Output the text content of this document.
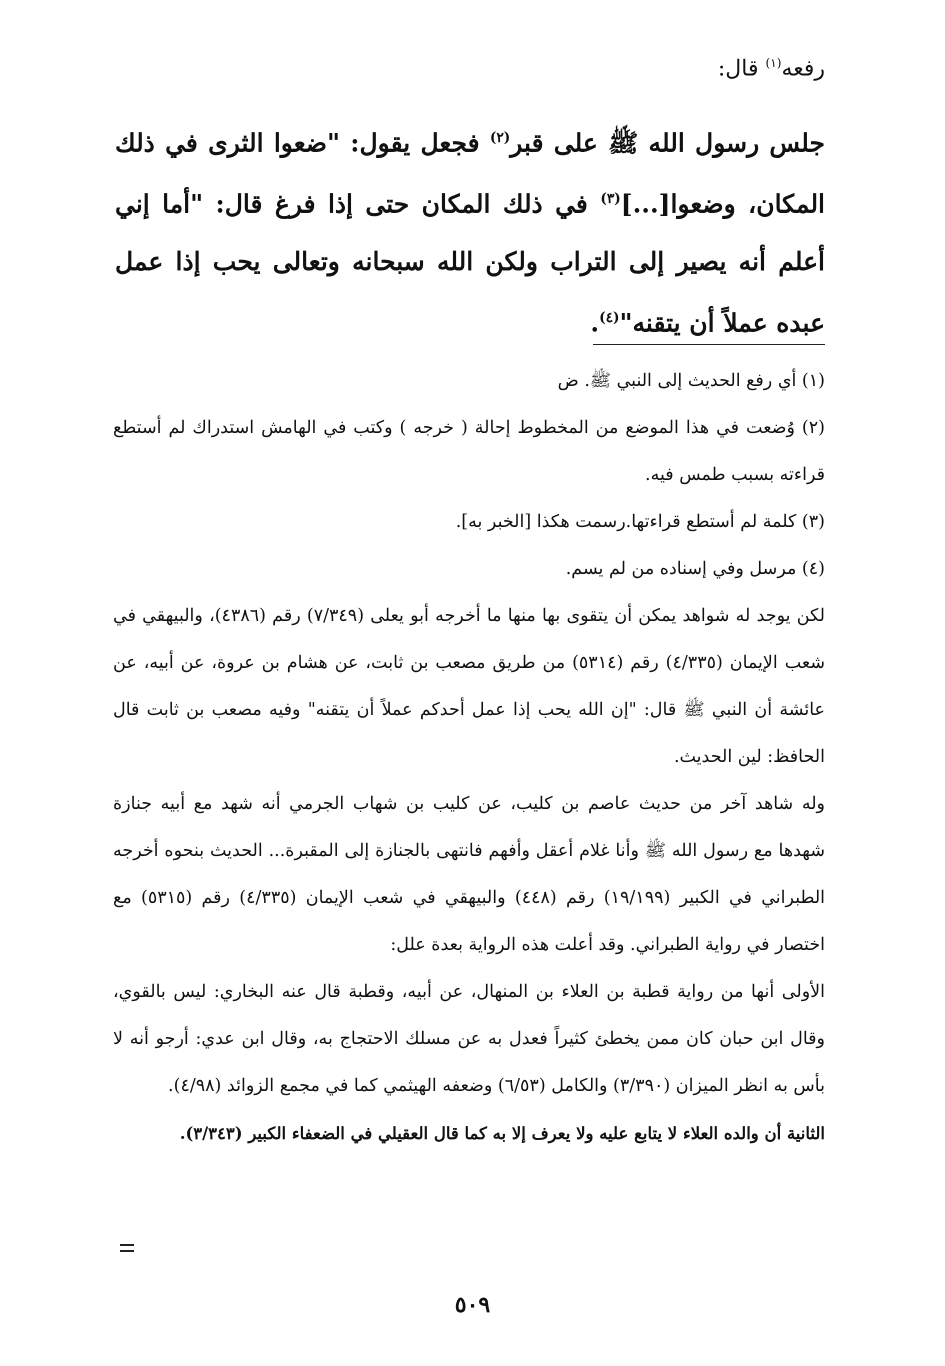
رفعه$^{(١)}$ قال:
جلس رسول الله ﷺ على قبر$^{(٢)}$ فجعل يقول: "ضعوا الثرى في ذلك المكان، وضعوا[...]$^{(٣)}$ في ذلك المكان حتى إذا فرغ قال: "أما إني أعلم أنه يصير إلى التراب ولكن الله سبحانه وتعالى يحب إذا عمل عبده عملاً أن يتقنه"$^{(٤)}$.

(١) أي رفع الحديث إلى النبي ﷺ. ض

(٢) وُضعت في هذا الموضع من المخطوط إحالة ( خرجه ) وكتب في الهامش استدراك لم أستطع قراءته بسبب طمس فيه.

(٣) كلمة لم أستطع قراءتها.رسمت هكذا [الخبر به].

(٤) مرسل وفي إسناده من لم يسم.

لكن يوجد له شواهد يمكن أن يتقوى بها منها ما أخرجه أبو يعلى (٧/٣٤٩) رقم (٤٣٨٦)، والبيهقي في شعب الإيمان (٤/٣٣٥) رقم (٥٣١٤) من طريق مصعب بن ثابت، عن هشام بن عروة، عن أبيه، عن عائشة أن النبي ﷺ قال: "إن الله يحب إذا عمل أحدكم عملاً أن يتقنه" وفيه مصعب بن ثابت قال الحافظ: لين الحديث.

وله شاهد آخر من حديث عاصم بن كليب، عن كليب بن شهاب الجرمي أنه شهد مع أبيه جنازة شهدها مع رسول الله ﷺ وأنا غلام أعقل وأفهم فانتهى بالجنازة إلى المقبرة... الحديث بنحوه أخرجه الطبراني في الكبير (١٩/١٩٩) رقم (٤٤٨) والبيهقي في شعب الإيمان (٤/٣٣٥) رقم (٥٣١٥) مع اختصار في رواية الطبراني. وقد أعلت هذه الرواية بعدة علل:

الأولى أنها من رواية قطبة بن العلاء بن المنهال، عن أبيه، وقطبة قال عنه البخاري: ليس بالقوي، وقال ابن حبان كان ممن يخطئ كثيراً فعدل به عن مسلك الاحتجاج به، وقال ابن عدي: أرجو أنه لا بأس به انظر الميزان (٣/٣٩٠) والكامل (٦/٥٣) وضعفه الهيثمي كما في مجمع الزوائد (٤/٩٨).

الثانية أن والده العلاء لا يتابع عليه ولا يعرف إلا به كما قال العقيلي في الضعفاء الكبير (٣/٣٤٣).

٥٠٩
